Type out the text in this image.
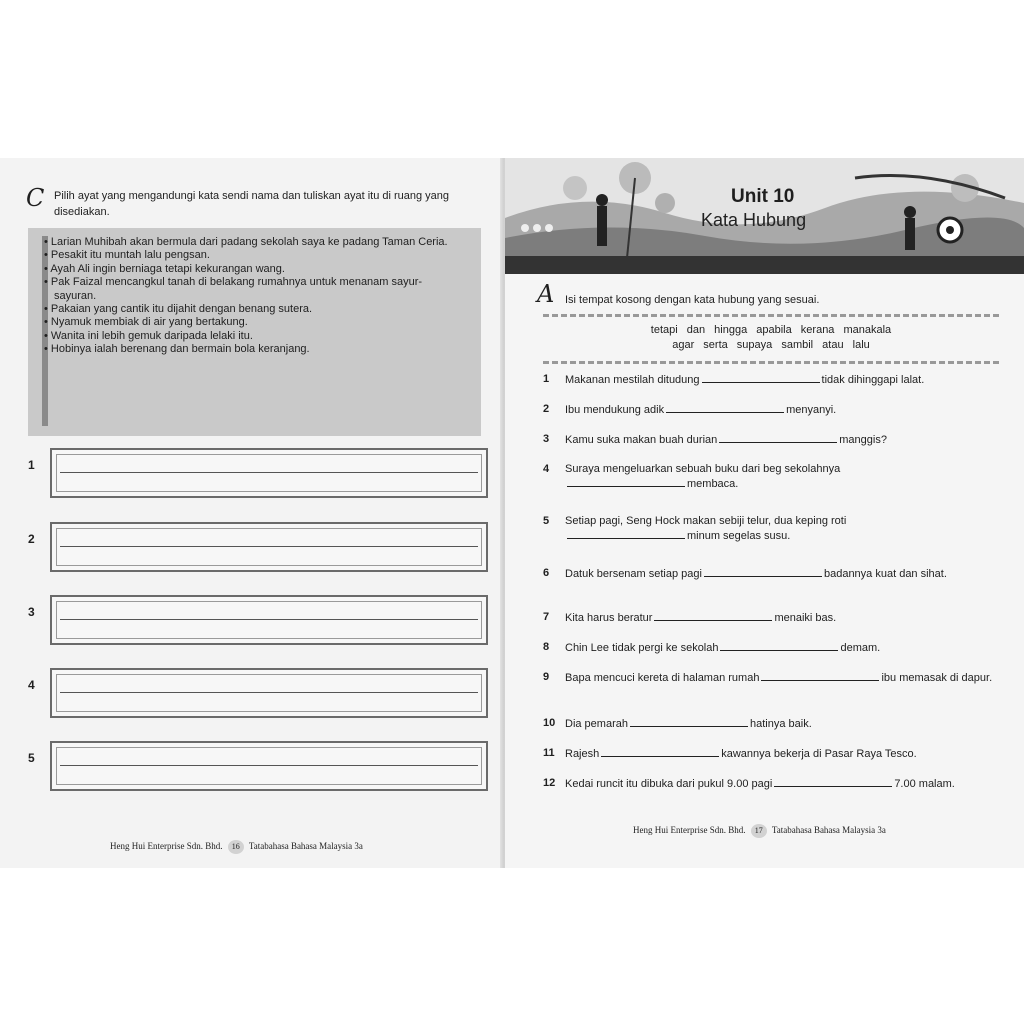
C Pilih ayat yang mengandungi kata sendi nama dan tuliskan ayat itu di ruang yang disediakan.
• Larian Muhibah akan bermula dari padang sekolah saya ke padang Taman Ceria.
• Pesakit itu muntah lalu pengsan.
• Ayah Ali ingin berniaga tetapi kekurangan wang.
• Pak Faizal mencangkul tanah di belakang rumahnya untuk menanam sayur-sayuran.
• Pakaian yang cantik itu dijahit dengan benang sutera.
• Nyamuk membiak di air yang bertakung.
• Wanita ini lebih gemuk daripada lelaki itu.
• Hobinya ialah berenang dan bermain bola keranjang.
1
2
3
4
5
Heng Hui Enterprise Sdn. Bhd. 16 Tatabahasa Bahasa Malaysia 3a
Unit 10
Kata Hubung
A Isi tempat kosong dengan kata hubung yang sesuai.
tetapi dan hingga apabila kerana manakala
agar serta supaya sambil atau lalu
1 Makanan mestilah ditudung	tidak dihinggapi lalat.
2 Ibu mendukung adik	menyanyi.
3 Kamu suka makan buah durian	manggis?
4 Suraya mengeluarkan sebuah buku dari beg sekolahnya
membaca.
5 Setiap pagi, Seng Hock makan sebiji telur, dua keping roti
minum segelas susu.
6 Datuk bersenam setiap pagi	badannya kuat dan sihat.
7 Kita harus beratur	menaiki bas.
8 Chin Lee tidak pergi ke sekolah	demam.
9 Bapa mencuci kereta di halaman rumah	ibu memasak di dapur.
10 Dia pemarah	hatinya baik.
11 Rajesh	kawannya bekerja di Pasar Raya Tesco.
12 Kedai runcit itu dibuka dari pukul 9.00 pagi	7.00 malam.
Heng Hui Enterprise Sdn. Bhd. 17 Tatabahasa Bahasa Malaysia 3a
